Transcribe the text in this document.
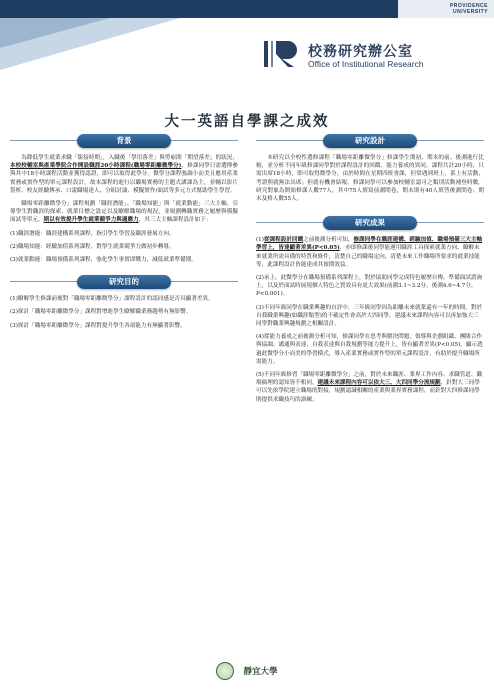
PROVIDENCE
UNIVERSITY
校務研究辦公室
Office of Institutional Research
大一英語自學課之成效
背景

為降低學生就業求職「銜接時期」，入職後「學用落差」與勞雇間「期望落差」的狀況，本校校輔室與產業學院合作開設職涯20小時課程(職場零距離微學分)，修課同學只需選擇參與其中18小時課程活動並獲得認證，即可以取得此學分。微學分課程強調小而美且應用產業實務或實作型的單元課程設計，故本課程的進行以職場實務的主題式講課為主，並輔以影片賞析、校友經驗傳承、口說職場達人、分組討論、模擬實作/面試等多元方式幫助學生學習。

職場零距離微學分」課程規劃「職涯潛能」、「職場知能」與「就業動能」三大主軸，引導學生對職涯的探索、就業目標之設定以及瞭解職場的規況，並規劃轉職實務之履歷與模擬面試等單元，期以有效提升學生就業競爭力與適應力，其三大主軸課程設計如下：

(1)職涯潛能：職涯建構系列課程，指引學生學習及職涯發展方向。
(2)職場知能：經驗加值系列課程，對學生就業競爭力做初步轉導。
(3)就業動能：職場預備系列課程，強化學生事實即戰力，減低就業準備期。
研究目的
(1)瞭解學生修課前後對「職場零距離微學分」課程設計的認同感是否具顯著差異。
(2)探討「職場零距離微學分」課程對增進學生瞭解職業務趨勢有無影響。
(3)探討「職場零距離微學分」課程對提升學生各項能力有無顯著影響。
研究設計

本研究以全校性選修課程「職場零距離微學分」修課學生期初、期末的前、後測進行比較，並分析不同年級修課同學對於課程設計的回饋、能力養成的異同。課程共計20小時，只需出席18小時，即可取得微學分。由於時間在星期四班會課，但常遇到班上、系上有活動，考證照就無法出席；但就有機會結報，修課同學可以參加校輔室認可之類別活動補登時數。研究對象為開始修課人數77人，其中75人填寫前測問卷，期末則有40人填答後測問卷；期末及格人數55人。

研究成果
(1)從課程設計回饋之前後測分析可知，修課同學在職涯建構、經驗加值、職場預備三大主軸學習上，皆達顯著差異(P<0.05)，亦即修課後同學能運用職涯工具探索就業方向、瞭解未來就業所需具備的特質和條件，清楚自己的職場定向，清楚未來工作職場所要求的就業技能等，此課程設計皆能達成其預期效益。
(2)承上，此微學分在職場預備系列課程上，對於協助同學完成特色履歷自傳、準備面試諮詢上，以及於面試時展現個人特色之質效具有更大效果(前測3.1~3.2分，後測4.6~4.7分，P<0.001)。
(3)不同年級同學在職業興趣的自評中，三年級同學因為距離未來就業還有一年的時間，對於自我職業興趣(如職涯類型)的不確定性會高於大四同學，建議未來課程內容可以再加強大三同學對職業興趣規劃之相關設計。
(4)從能力養成之前後測分析可知，修課同學在思考與解決問題、領導與企劃組織、團隊合作與協調、溝通與表達、自我表達與自我規劃等能力提升上，皆有顯著差異(P<0.05)，顯示透過此微學分小而美的學習模式，導入產業實務或實作型的單元課程設計，有助於提升職場所需能力。
(5)不同年級修習「職場零距離微學分」之前，對於未來職涯、業界工作內容、求職管道、職場倫理的認知皆不相同，建議未來課程內容可以依大三、大四同學分流規劃，針對大三同學可以先依學院建立職場的對接，規劃認識相關的產業與業界實務課程，而針對大四修課同學則提供求職技巧的訓練。
靜宜大學
